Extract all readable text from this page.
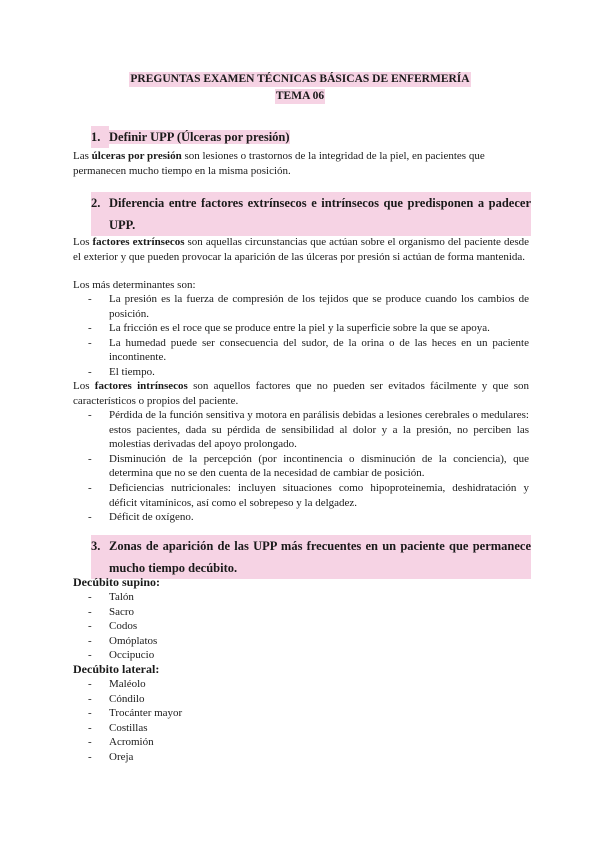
PREGUNTAS EXAMEN TÉCNICAS BÁSICAS DE ENFERMERÍA
TEMA 06
1. Definir UPP (Úlceras por presión)
Las úlceras por presión son lesiones o trastornos de la integridad de la piel, en pacientes que permanecen mucho tiempo en la misma posición.
2. Diferencia entre factores extrínsecos e intrínsecos que predisponen a padecer UPP.
Los factores extrínsecos son aquellas circunstancias que actúan sobre el organismo del paciente desde el exterior y que pueden provocar la aparición de las úlceras por presión si actúan de forma mantenida.
Los más determinantes son:
- La presión es la fuerza de compresión de los tejidos que se produce cuando los cambios de posición.
- La fricción es el roce que se produce entre la piel y la superficie sobre la que se apoya.
- La humedad puede ser consecuencia del sudor, de la orina o de las heces en un paciente incontinente.
- El tiempo.
Los factores intrínsecos son aquellos factores que no pueden ser evitados fácilmente y que son característicos o propios del paciente.
- Pérdida de la función sensitiva y motora en parálisis debidas a lesiones cerebrales o medulares: estos pacientes, dada su pérdida de sensibilidad al dolor y a la presión, no perciben las molestias derivadas del apoyo prolongado.
- Disminución de la percepción (por incontinencia o disminución de la conciencia), que determina que no se den cuenta de la necesidad de cambiar de posición.
- Deficiencias nutricionales: incluyen situaciones como hipoproteinemia, deshidratación y déficit vitamínicos, así como el sobrepeso y la delgadez.
- Déficit de oxígeno.
3. Zonas de aparición de las UPP más frecuentes en un paciente que permanece mucho tiempo decúbito.
Decúbito supino:
- Talón
- Sacro
- Codos
- Omóplatos
- Occipucio
Decúbito lateral:
- Maléolo
- Cóndilo
- Trocánter mayor
- Costillas
- Acromión
- Oreja
